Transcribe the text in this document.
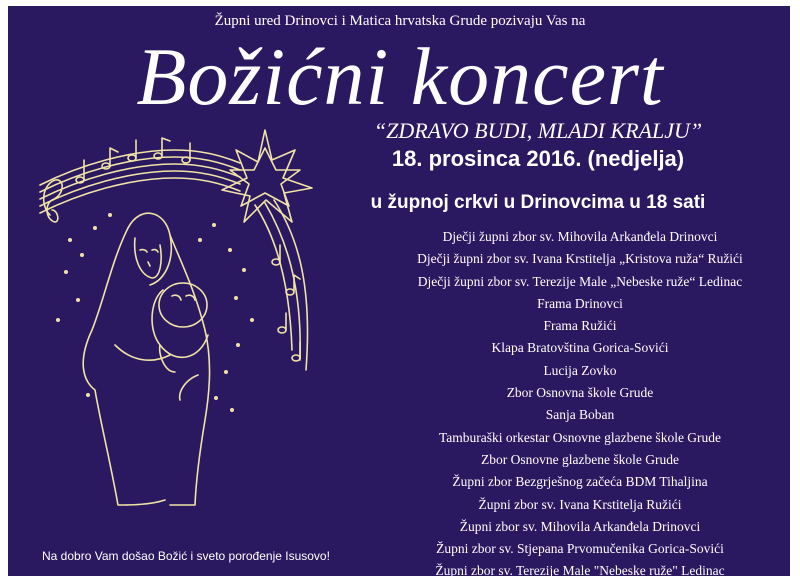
Župni ured Drinovci i Matica hrvatska Grude pozivaju Vas na
Božićni koncert
“ZDRAVO BUDI, MLADI KRALJU”
18. prosinca 2016. (nedjelja)
u župnoj crkvi u Drinovcima u 18 sati
Dječji župni zbor sv. Mihovila Arkanđela Drinovci
Dječji župni zbor sv. Ivana Krstitelja „Kristova ruža“ Ružići
Dječji župni zbor sv. Terezije Male „Nebeske ruže“ Ledinac
Frama Drinovci
Frama Ružići
Klapa Bratovština Gorica-Sovići
Lucija Zovko
Zbor Osnovna škole Grude
Sanja Boban
Tamburaški orkestar Osnovne glazbene škole Grude
Zbor Osnovne glazbene škole Grude
Župni zbor Bezgrješnog začeća BDM Tihaljina
Župni zbor sv. Ivana Krstitelja Ružići
Župni zbor sv. Mihovila Arkanđela Drinovci
Župni zbor sv. Stjepana Prvomučenika Gorica-Sovići
Župni zbor sv. Terezije Male "Nebeske ruže" Ledinac
Na dobro Vam došao Božić i sveto porođenje Isusovo!
